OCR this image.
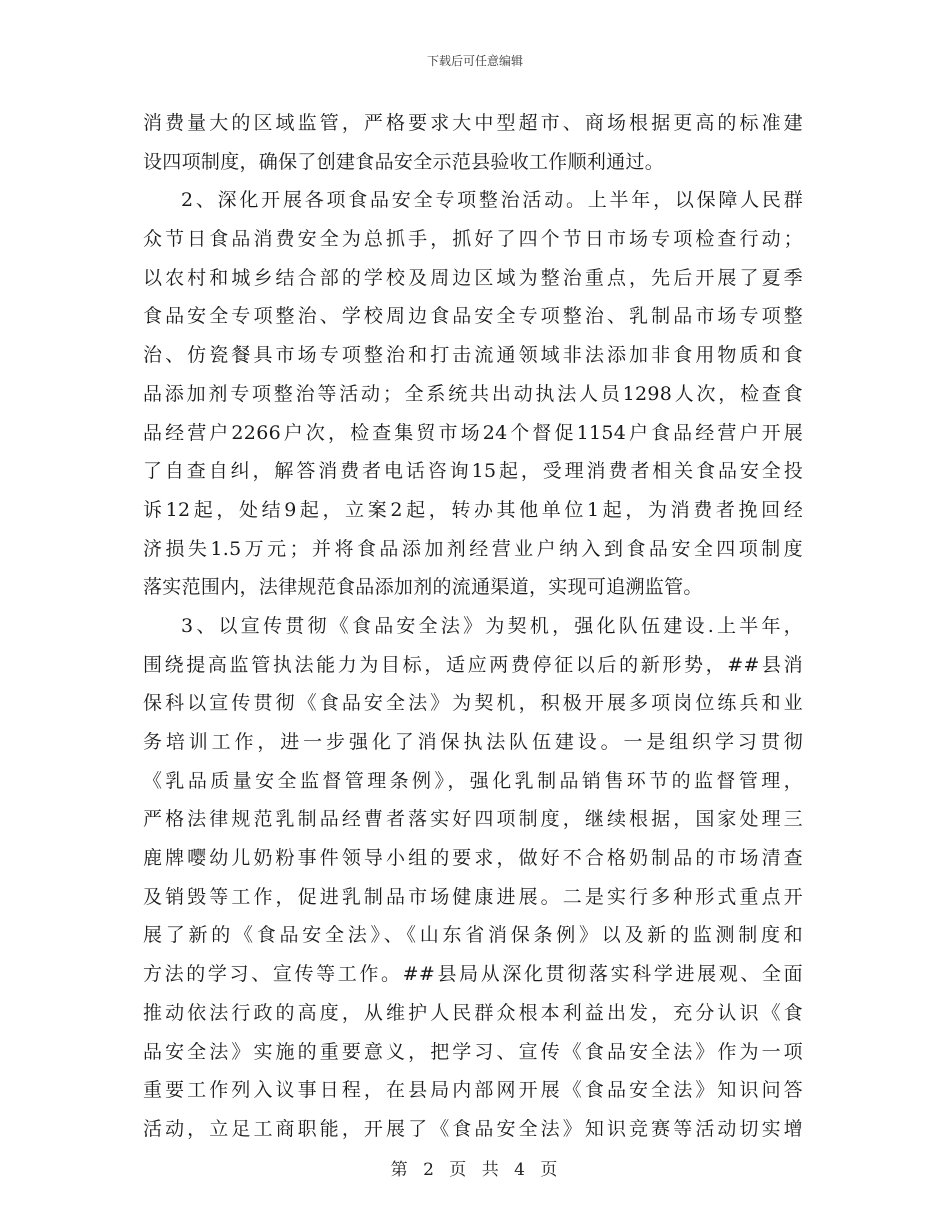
下载后可任意编辑
消费量大的区域监管，严格要求大中型超市、商场根据更高的标准建
设四项制度，确保了创建食品安全示范县验收工作顺利通过。
2、深化开展各项食品安全专项整治活动。上半年，以保障人民群
众节日食品消费安全为总抓手，抓好了四个节日市场专项检查行动；
以农村和城乡结合部的学校及周边区域为整治重点，先后开展了夏季
食品安全专项整治、学校周边食品安全专项整治、乳制品市场专项整
治、仿瓷餐具市场专项整治和打击流通领域非法添加非食用物质和食
品添加剂专项整治等活动；全系统共出动执法人员1298人次，检查食
品经营户2266户次，检查集贸市场24个督促1154户食品经营户开展
了自查自纠，解答消费者电话咨询15起，受理消费者相关食品安全投
诉12起，处结9起，立案2起，转办其他单位1起，为消费者挽回经
济损失1.5万元；并将食品添加剂经营业户纳入到食品安全四项制度
落实范围内，法律规范食品添加剂的流通渠道，实现可追溯监管。
3、以宣传贯彻《食品安全法》为契机，强化队伍建设.上半年，
围绕提高监管执法能力为目标，适应两费停征以后的新形势，##县消
保科以宣传贯彻《食品安全法》为契机，积极开展多项岗位练兵和业
务培训工作，进一步强化了消保执法队伍建设。一是组织学习贯彻
《乳品质量安全监督管理条例》，强化乳制品销售环节的监督管理，
严格法律规范乳制品经曹者落实好四项制度，继续根据，国家处理三
鹿牌嘤幼儿奶粉事件领导小组的要求，做好不合格奶制品的市场清查
及销毁等工作，促进乳制品市场健康进展。二是实行多种形式重点开
展了新的《食品安全法》、《山东省消保条例》以及新的监测制度和
方法的学习、宣传等工作。##县局从深化贯彻落实科学进展观、全面
推动依法行政的高度，从维护人民群众根本利益出发，充分认识《食
品安全法》实施的重要意义，把学习、宣传《食品安全法》作为一项
重要工作列入议事日程，在县局内部网开展《食品安全法》知识问答
活动，立足工商职能，开展了《食品安全法》知识竞赛等活动切实增
第 2 页 共 4 页
